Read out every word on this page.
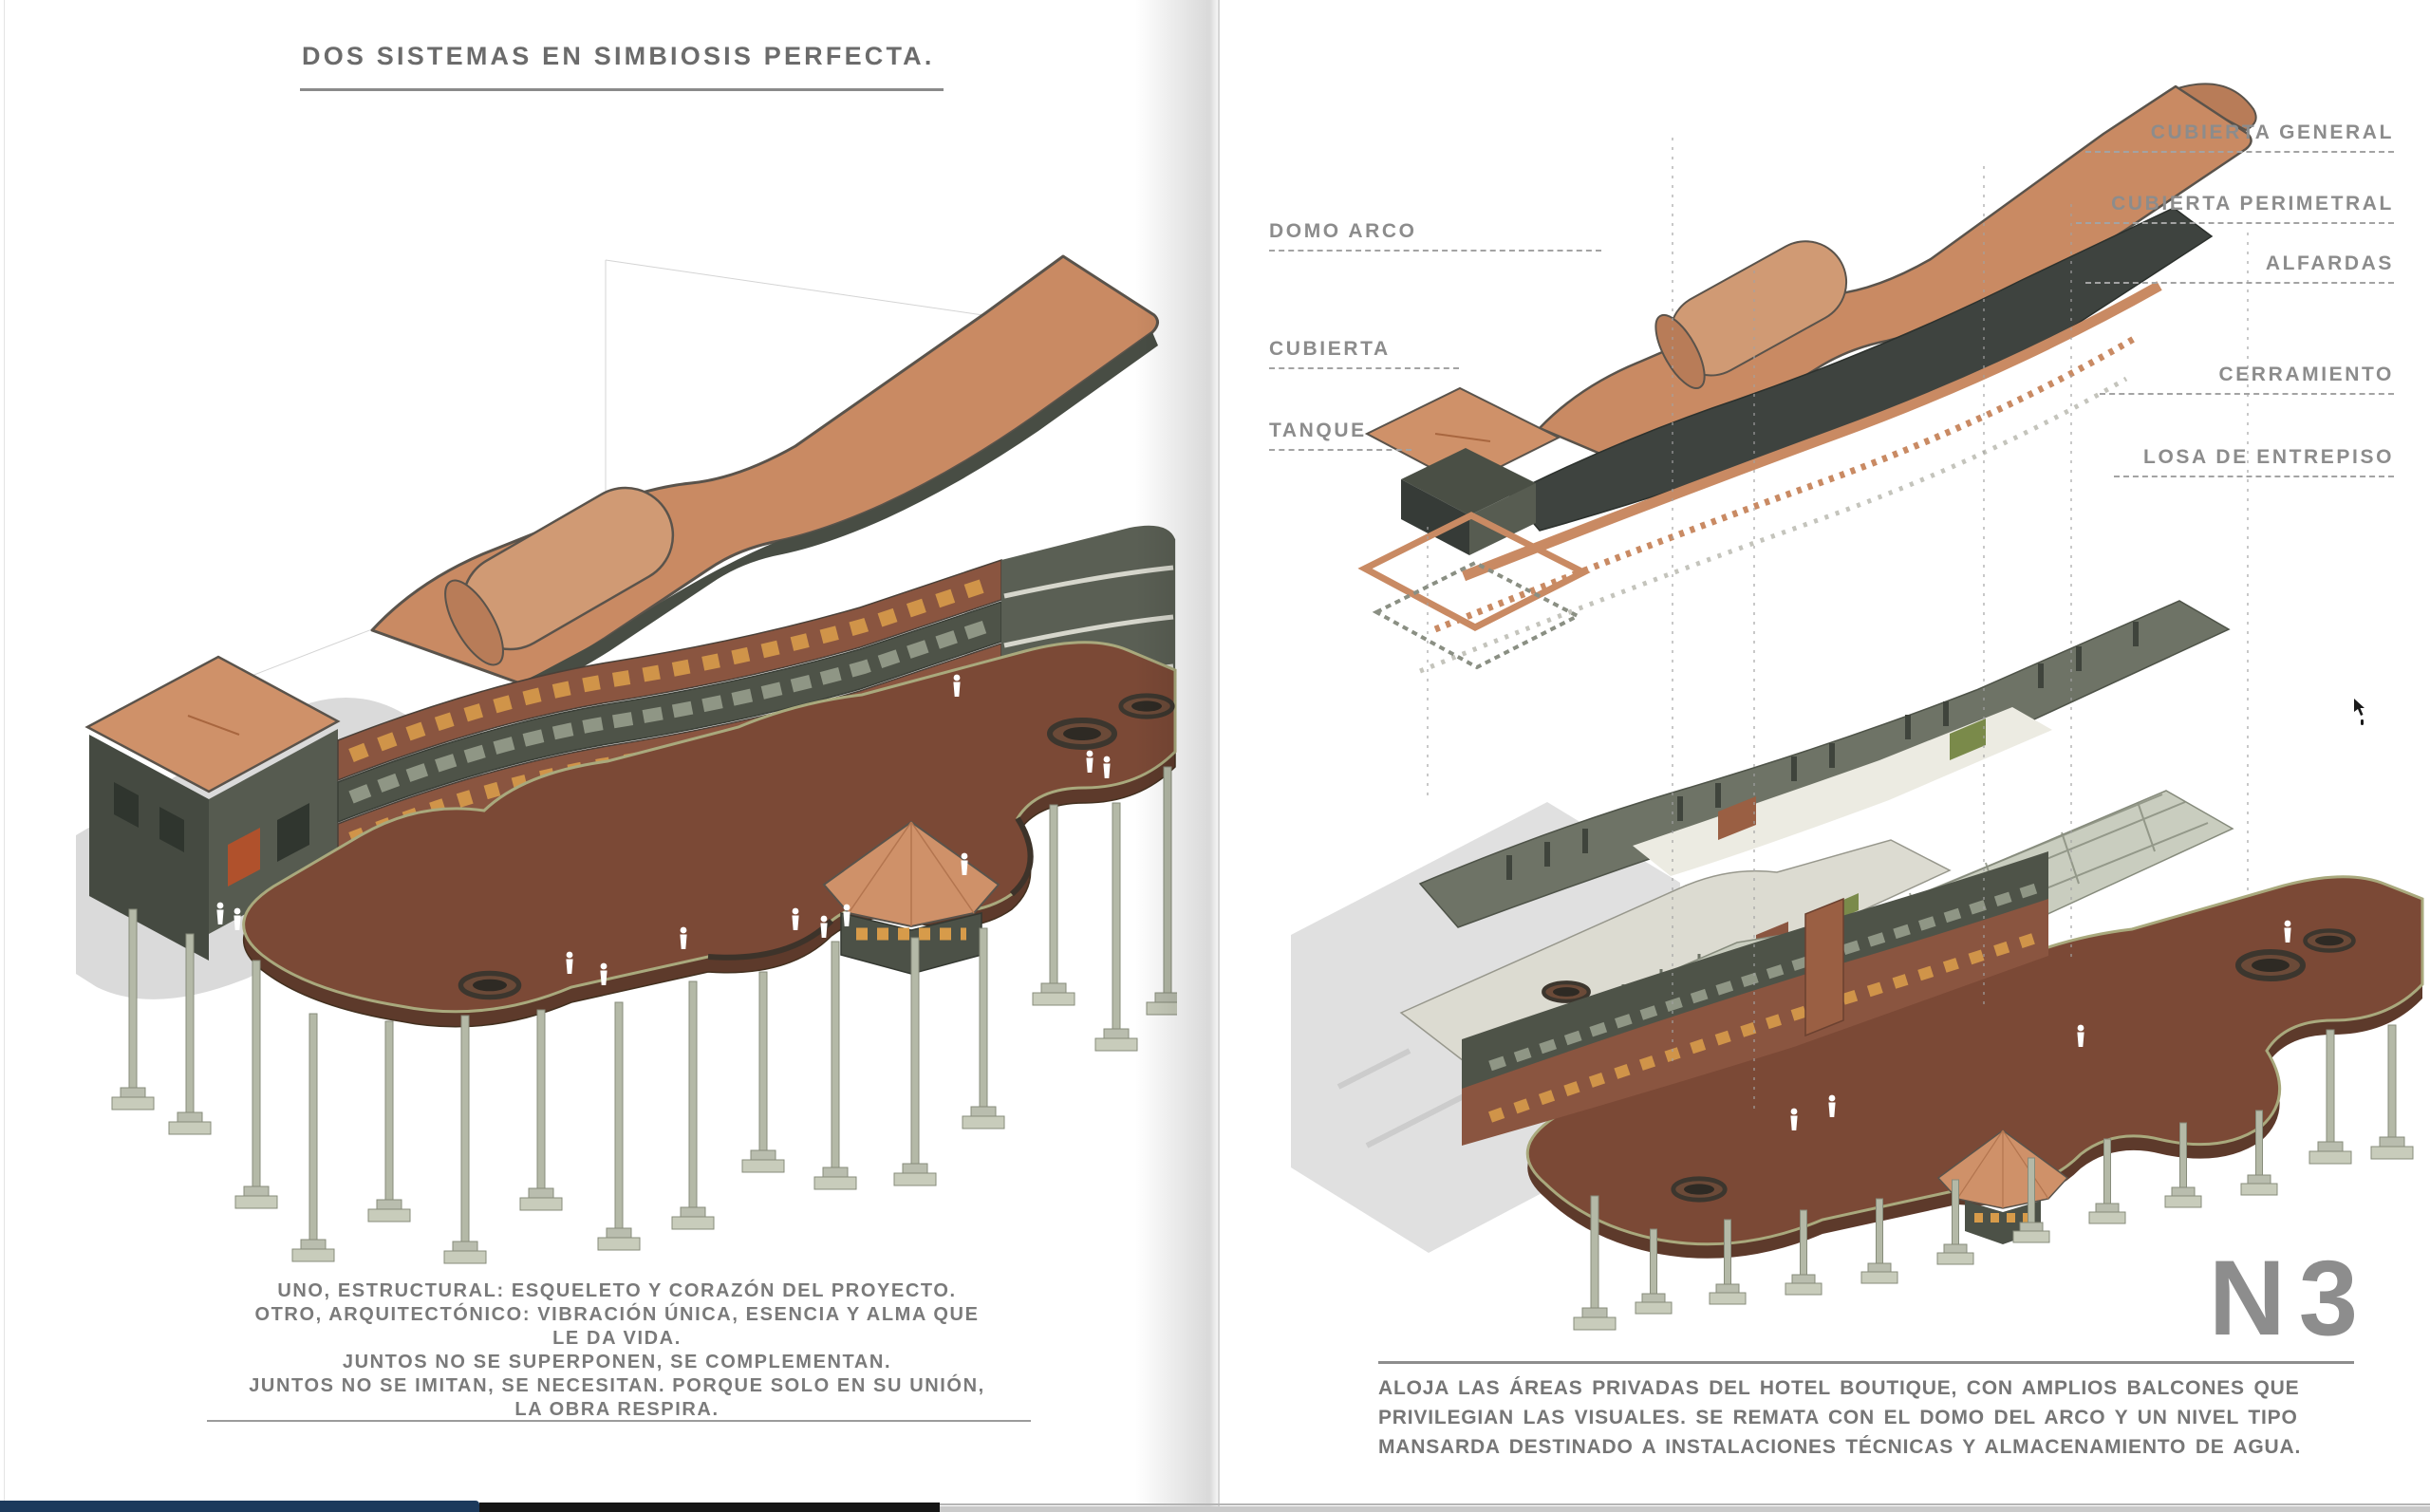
DOS SISTEMAS EN SIMBIOSIS PERFECTA.
UNO, ESTRUCTURAL: ESQUELETO Y CORAZÓN DEL PROYECTO.
OTRO, ARQUITECTÓNICO: VIBRACIÓN ÚNICA, ESENCIA Y ALMA QUE
LE DA VIDA.
JUNTOS NO SE SUPERPONEN, SE COMPLEMENTAN.
JUNTOS NO SE IMITAN, SE NECESITAN. PORQUE SOLO EN SU UNIÓN,
LA OBRA RESPIRA.
DOMO ARCO
CUBIERTA
TANQUE
CUBIERTA GENERAL
CUBIERTA PERIMETRAL
ALFARDAS
CERRAMIENTO
LOSA DE ENTREPISO
N3
ALOJA LAS ÁREAS PRIVADAS DEL HOTEL BOUTIQUE, CON AMPLIOS BALCONES QUE
PRIVILEGIAN LAS VISUALES. SE REMATA CON EL DOMO DEL ARCO Y UN NIVEL TIPO
MANSARDA DESTINADO A INSTALACIONES TÉCNICAS Y ALMACENAMIENTO DE AGUA.
